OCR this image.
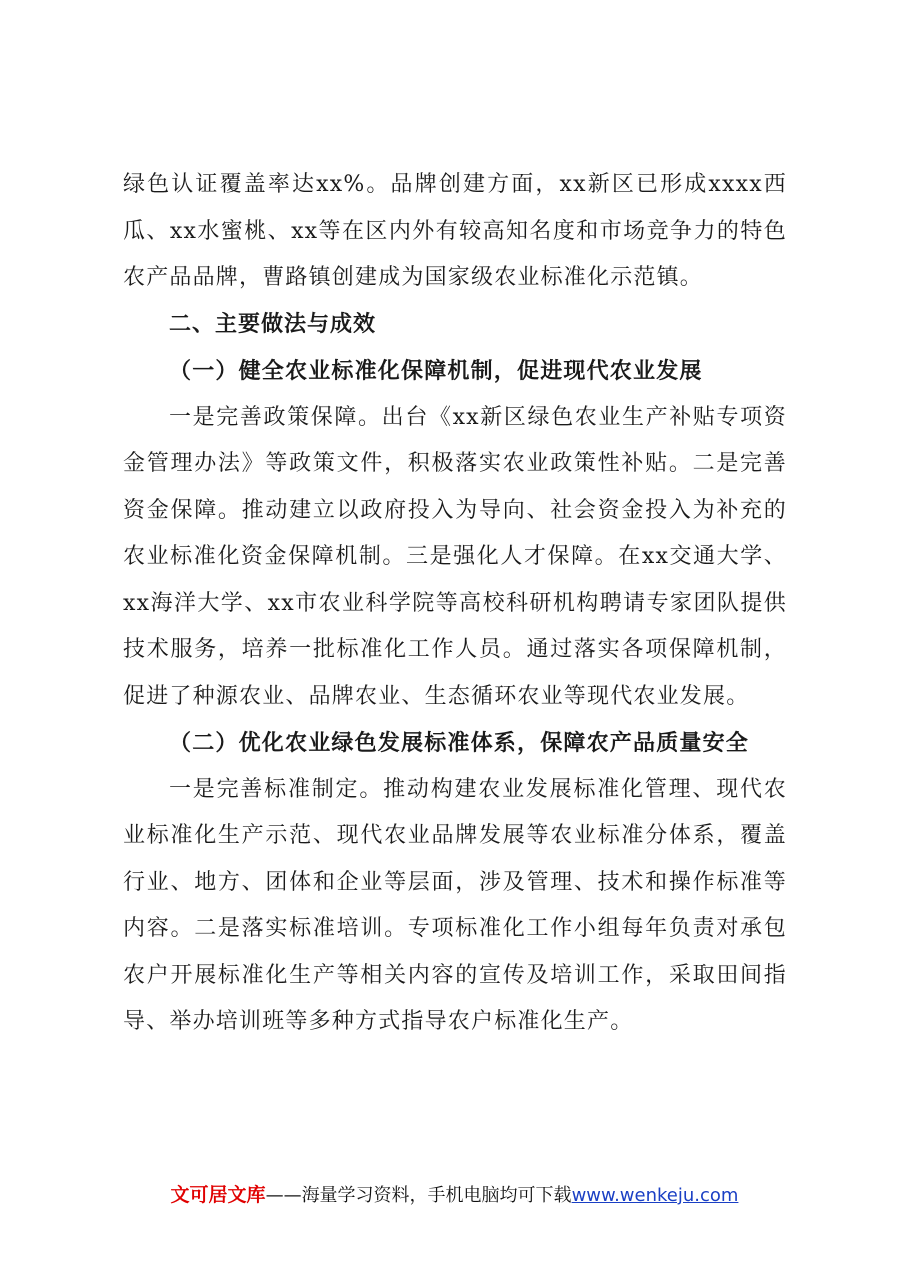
绿色认证覆盖率达xx%。品牌创建方面，xx新区已形成xxxx西瓜、xx水蜜桃、xx等在区内外有较高知名度和市场竞争力的特色农产品品牌，曹路镇创建成为国家级农业标准化示范镇。

二、主要做法与成效

（一）健全农业标准化保障机制，促进现代农业发展

一是完善政策保障。出台《xx新区绿色农业生产补贴专项资金管理办法》等政策文件，积极落实农业政策性补贴。二是完善资金保障。推动建立以政府投入为导向、社会资金投入为补充的农业标准化资金保障机制。三是强化人才保障。在xx交通大学、xx海洋大学、xx市农业科学院等高校科研机构聘请专家团队提供技术服务，培养一批标准化工作人员。通过落实各项保障机制，促进了种源农业、品牌农业、生态循环农业等现代农业发展。

（二）优化农业绿色发展标准体系，保障农产品质量安全

一是完善标准制定。推动构建农业发展标准化管理、现代农业标准化生产示范、现代农业品牌发展等农业标准分体系，覆盖行业、地方、团体和企业等层面，涉及管理、技术和操作标准等内容。二是落实标准培训。专项标准化工作小组每年负责对承包农户开展标准化生产等相关内容的宣传及培训工作，采取田间指导、举办培训班等多种方式指导农户标准化生产。

文可居文库——海量学习资料，手机电脑均可下载www.wenkeju.com
